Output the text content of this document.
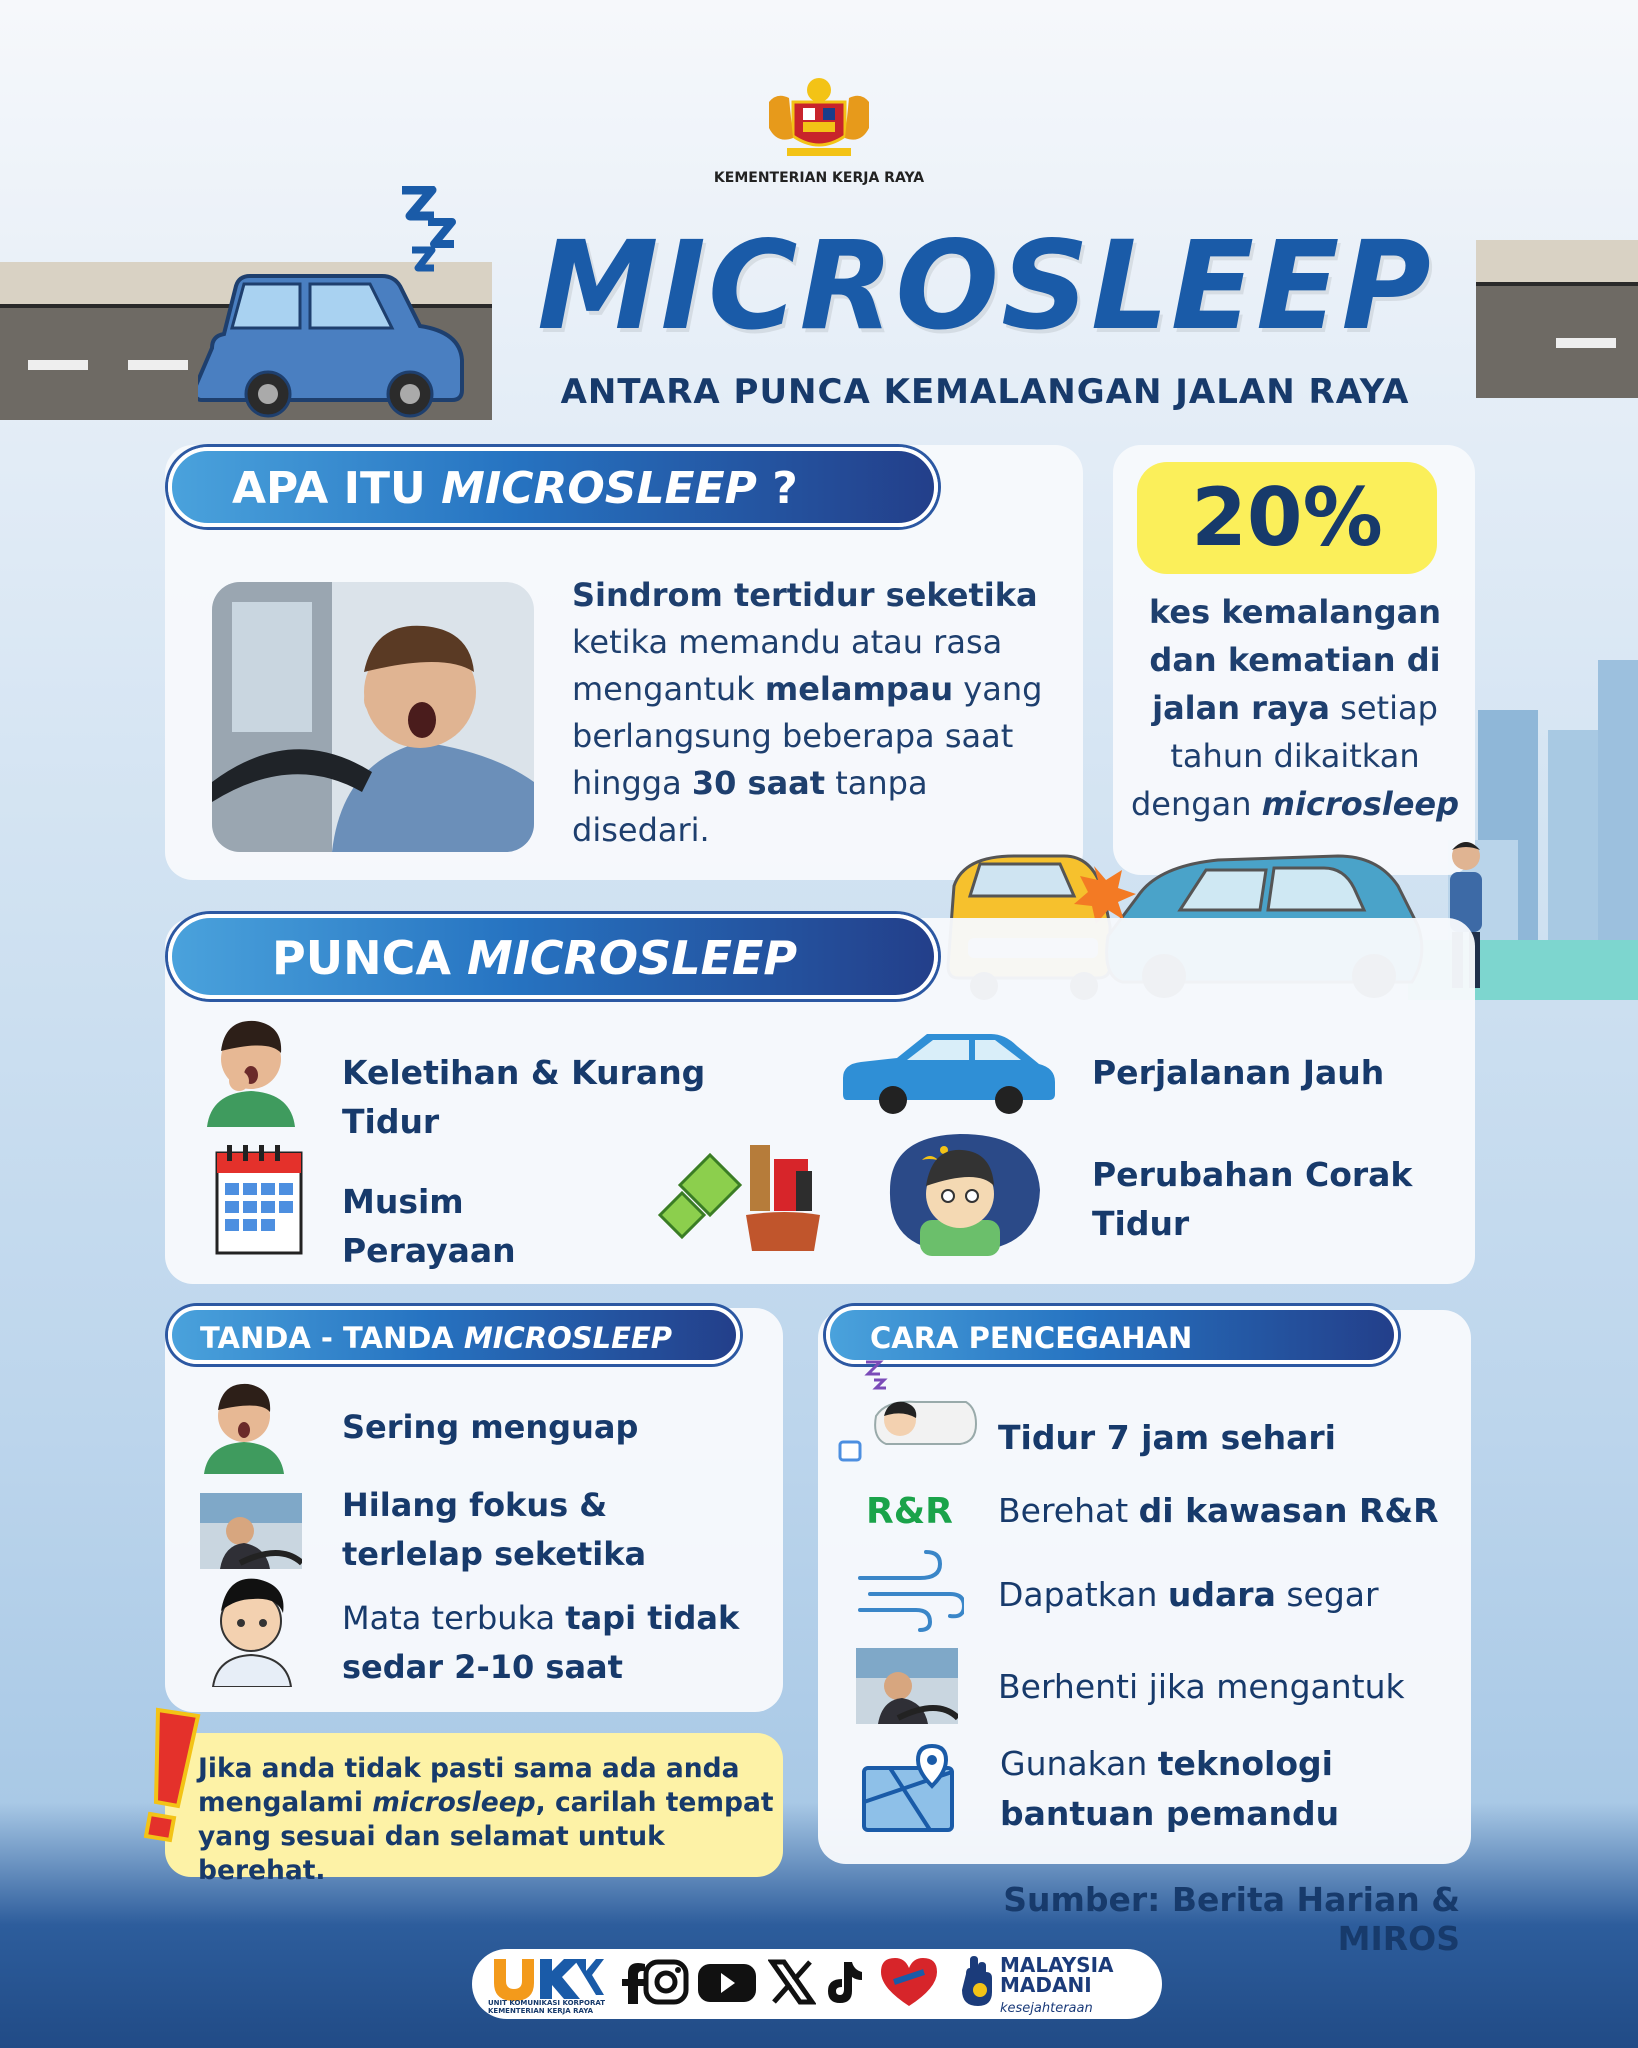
KEMENTERIAN KERJA RAYA
MICROSLEEP
ANTARA PUNCA KEMALANGAN JALAN RAYA
APA ITU MICROSLEEP ?
Sindrom tertidur seketika ketika memandu atau rasa mengantuk melampau yang berlangsung beberapa saat hingga 30 saat tanpa disedari.
20%
kes kemalangan dan kematian di jalan raya setiap tahun dikaitkan dengan microsleep
PUNCA MICROSLEEP
Keletihan & Kurang Tidur
Perjalanan Jauh
Musim Perayaan
Perubahan Corak Tidur
TANDA - TANDA MICROSLEEP
Sering menguap
Hilang fokus & terlelap seketika
Mata terbuka tapi tidak sedar 2-10 saat
CARA PENCEGAHAN
Tidur 7 jam sehari
R&R Berehat di kawasan R&R
Dapatkan udara segar
Berhenti jika mengantuk
Gunakan teknologi bantuan pemandu
Jika anda tidak pasti sama ada anda mengalami microsleep, carilah tempat yang sesuai dan selamat untuk berehat.
Sumber: Berita Harian & MIROS
UNIT KOMUNIKASI KORPORAT
KEMENTERIAN KERJA RAYA
MALAYSIA
MADANI
kesejahteraan
